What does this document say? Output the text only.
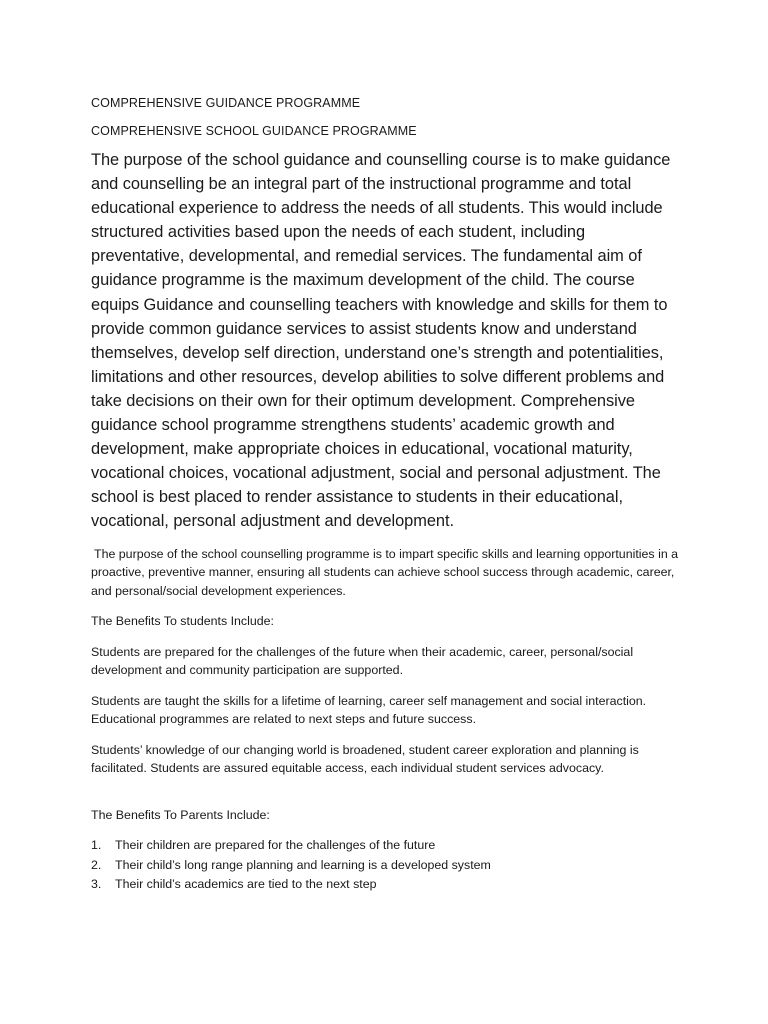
COMPREHENSIVE GUIDANCE PROGRAMME

COMPREHENSIVE SCHOOL GUIDANCE PROGRAMME

The purpose of the school guidance and counselling course is to make guidance and counselling be an integral part of the instructional programme and total educational experience to address the needs of all students. This would include structured activities based upon the needs of each student, including preventative, developmental, and remedial services. The fundamental aim of guidance programme is the maximum development of the child. The course equips Guidance and counselling teachers with knowledge and skills for them to provide common guidance services to assist students know and understand themselves, develop self direction, understand one’s strength and potentialities, limitations and other resources, develop abilities to solve different problems and take decisions on their own for their optimum development. Comprehensive guidance school programme strengthens students’ academic growth and development, make appropriate choices in educational, vocational maturity, vocational choices, vocational adjustment, social and personal adjustment. The school is best placed to render assistance to students in their educational, vocational, personal adjustment and development.

The purpose of the school counselling programme is to impart specific skills and learning opportunities in a proactive, preventive manner, ensuring all students can achieve school success through academic, career, and personal/social development experiences.

The Benefits To students Include:

Students are prepared for the challenges of the future when their academic, career, personal/social development and community participation are supported.

Students are taught the skills for a lifetime of learning, career self management and social interaction. Educational programmes are related to next steps and future success.

Students’ knowledge of our changing world is broadened, student career exploration and planning is facilitated. Students are assured equitable access, each individual student services advocacy.

The Benefits To Parents Include:

1.	Their children are prepared for the challenges of the future
2.	Their child’s long range planning and learning is a developed system
3.	Their child’s academics are tied to the next step
